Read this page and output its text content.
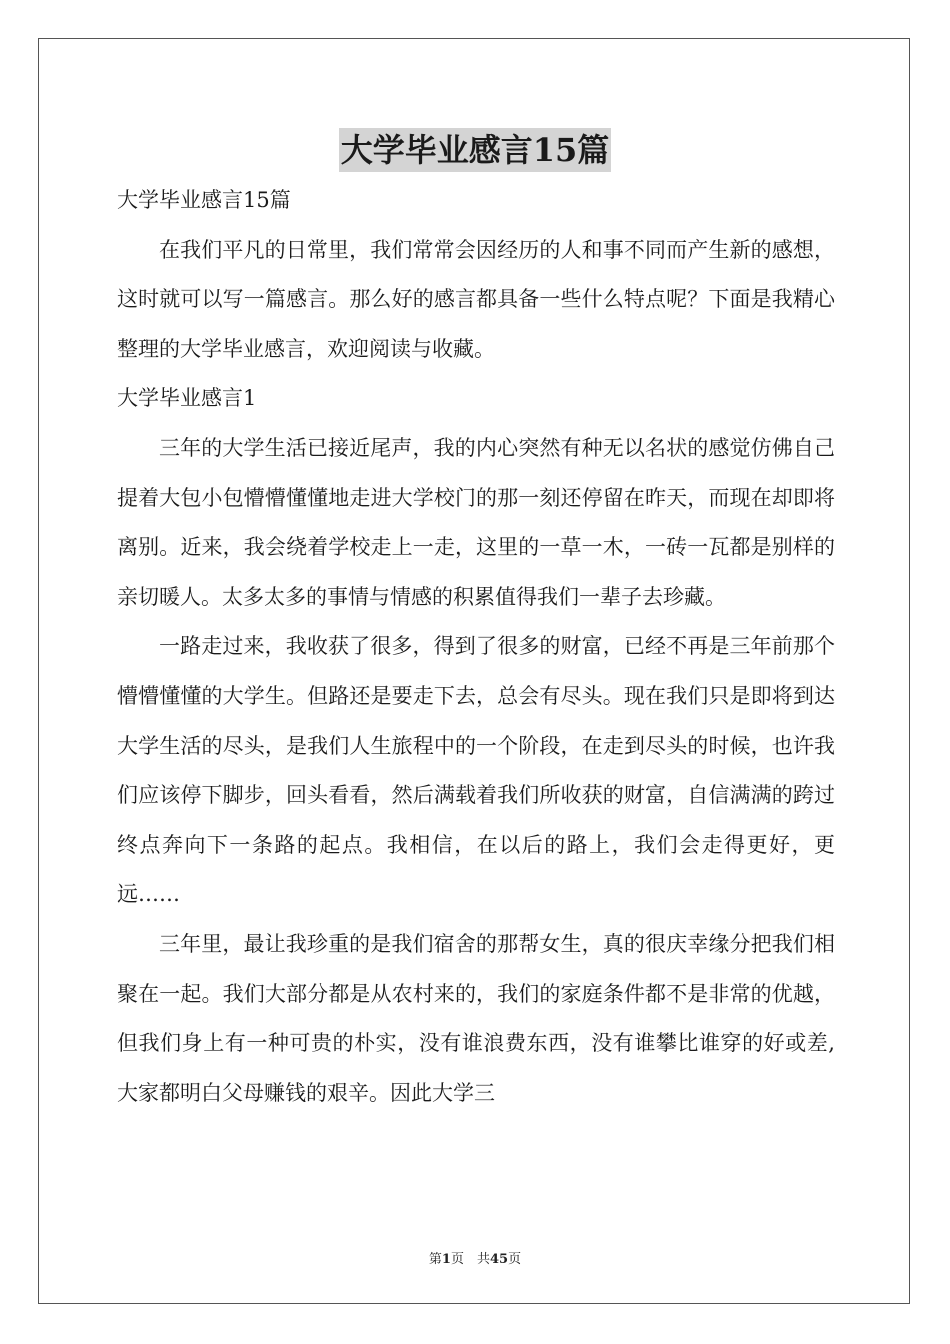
大学毕业感言15篇

大学毕业感言15篇

在我们平凡的日常里，我们常常会因经历的人和事不同而产生新的感想，这时就可以写一篇感言。那么好的感言都具备一些什么特点呢？下面是我精心整理的大学毕业感言，欢迎阅读与收藏。

大学毕业感言1

三年的大学生活已接近尾声，我的内心突然有种无以名状的感觉仿佛自己提着大包小包懵懵懂懂地走进大学校门的那一刻还停留在昨天，而现在却即将离别。近来，我会绕着学校走上一走，这里的一草一木，一砖一瓦都是别样的亲切暖人。太多太多的事情与情感的积累值得我们一辈子去珍藏。

一路走过来，我收获了很多，得到了很多的财富，已经不再是三年前那个懵懵懂懂的大学生。但路还是要走下去，总会有尽头。现在我们只是即将到达大学生活的尽头，是我们人生旅程中的一个阶段，在走到尽头的时候，也许我们应该停下脚步，回头看看，然后满载着我们所收获的财富，自信满满的跨过终点奔向下一条路的起点。我相信，在以后的路上，我们会走得更好，更远……

三年里，最让我珍重的是我们宿舍的那帮女生，真的很庆幸缘分把我们相聚在一起。我们大部分都是从农村来的，我们的家庭条件都不是非常的优越，但我们身上有一种可贵的朴实，没有谁浪费东西，没有谁攀比谁穿的好或差,大家都明白父母赚钱的艰辛。因此大学三

第1页　共45页
